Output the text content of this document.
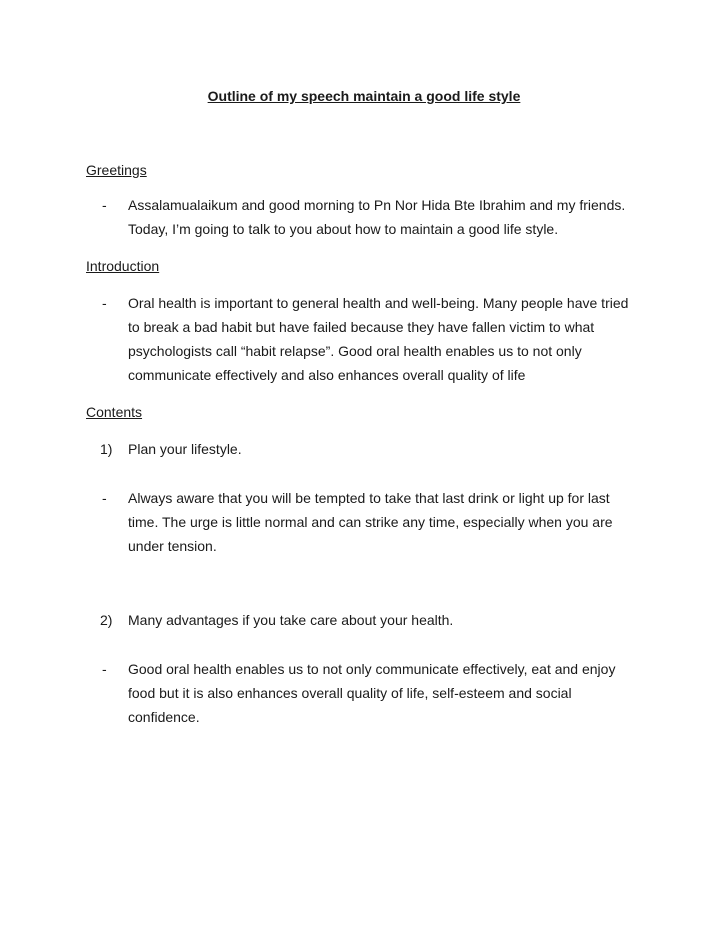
Outline of my speech maintain a good life style
Greetings
-	Assalamualaikum and good morning to Pn Nor Hida Bte Ibrahim and my friends.
Today, I’m going to talk to you about how to maintain a good life style.
Introduction
-	Oral health is important to general health and well-being. Many people have tried
to break a bad habit but have failed because they have fallen victim to what
psychologists call “habit relapse”. Good oral health enables us to not only
communicate effectively and also enhances overall quality of life
Contents
1)	Plan your lifestyle.
-	Always aware that you will be tempted to take that last drink or light up for last
time. The urge is little normal and can strike any time, especially when you are
under tension.
2)	Many advantages if you take care about your health.
-	Good oral health enables us to not only communicate effectively, eat and enjoy
food but it is also enhances overall quality of life, self-esteem and social
confidence.
